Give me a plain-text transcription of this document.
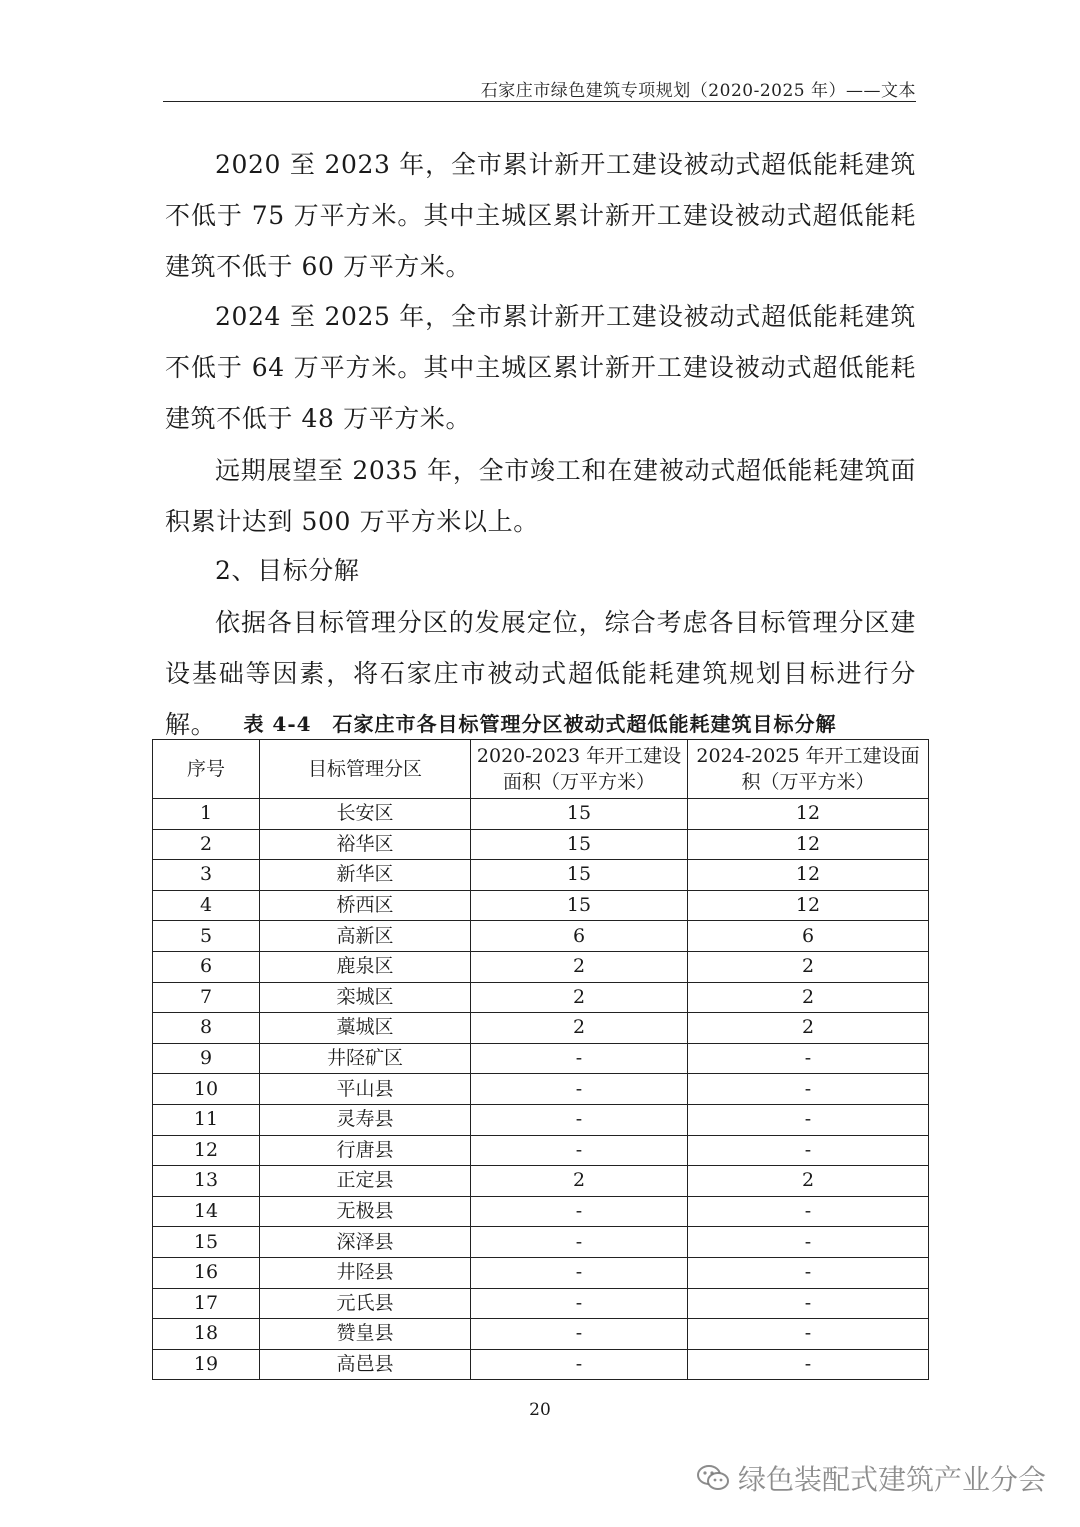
石家庄市绿色建筑专项规划（2020-2025 年）——文本

2020 至 2023 年，全市累计新开工建设被动式超低能耗建筑不低于 75 万平方米。其中主城区累计新开工建设被动式超低能耗建筑不低于 60 万平方米。

2024 至 2025 年，全市累计新开工建设被动式超低能耗建筑不低于 64 万平方米。其中主城区累计新开工建设被动式超低能耗建筑不低于 48 万平方米。

远期展望至 2035 年，全市竣工和在建被动式超低能耗建筑面积累计达到 500 万平方米以上。

2、目标分解

依据各目标管理分区的发展定位，综合考虑各目标管理分区建设基础等因素，将石家庄市被动式超低能耗建筑规划目标进行分解。	表 4-4　石家庄市各目标管理分区被动式超低能耗建筑目标分解
序号	目标管理分区	2020-2023 年开工建设面积（万平方米）	2024-2025 年开工建设面积（万平方米）
1	长安区	15	12
2	裕华区	15	12
3	新华区	15	12
4	桥西区	15	12
5	高新区	6	6
6	鹿泉区	2	2
7	栾城区	2	2
8	藁城区	2	2
9	井陉矿区	-	-
10	平山县	-	-
11	灵寿县	-	-
12	行唐县	-	-
13	正定县	2	2
14	无极县	-	-
15	深泽县	-	-
16	井陉县	-	-
17	元氏县	-	-
18	赞皇县	-	-
19	高邑县	-	-
20
绿色装配式建筑产业分会
